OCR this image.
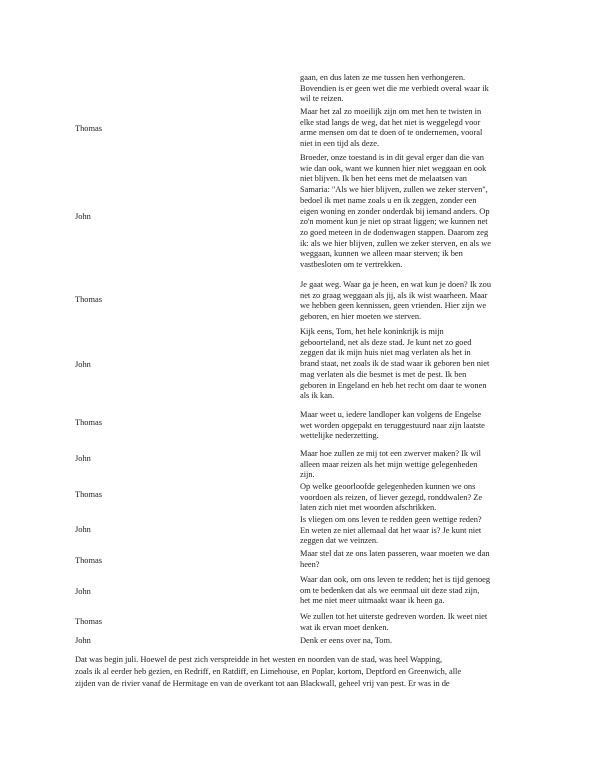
gaan, en dus laten ze me tussen hen verhongeren.
Bovendien is er geen wet die me verbiedt overal waar ik
wil te reizen.
Thomas
Maar het zal zo moeilijk zijn om met hen te twisten in
elke stad langs de weg, dat het niet is weggelegd voor
arme mensen om dat te doen of te ondernemen, vooral
niet in een tijd als deze.
John
Broeder, onze toestand is in dit geval erger dan die van
wie dan ook, want we kunnen hier niet weggaan en ook
niet blijven. Ik ben het eens met de melaatsen van
Samaria: "Als we hier blijven, zullen we zeker sterven",
bedoel ik met name zoals u en ik zeggen, zonder een
eigen woning en zonder onderdak bij iemand anders. Op
zo'n moment kun je niet op straat liggen; we kunnen net
zo goed meteen in de dodenwagen stappen. Daarom zeg
ik: als we hier blijven, zullen we zeker sterven, en als we
weggaan, kunnen we alleen maar sterven; ik ben
vastbesloten om te vertrekken.
Thomas
Je gaat weg. Waar ga je heen, en wat kun je doen? Ik zou
net zo graag weggaan als jij, als ik wist waarheen. Maar
we hebben geen kennissen, geen vrienden. Hier zijn we
geboren, en hier moeten we sterven.
John
Kijk eens, Tom, het hele koninkrijk is mijn
geboorteland, net als deze stad. Je kunt net zo goed
zeggen dat ik mijn huis niet mag verlaten als het in
brand staat, net zoals ik de stad waar ik geboren ben niet
mag verlaten als die besmet is met de pest. Ik ben
geboren in Engeland en heb het recht om daar te wonen
als ik kan.
Thomas
Maar weet u, iedere landloper kan volgens de Engelse
wet worden opgepakt en teruggestuurd naar zijn laatste
wettelijke nederzetting.
John
Maar hoe zullen ze mij tot een zwerver maken? Ik wil
alleen maar reizen als het mijn wettige gelegenheden
zijn.
Thomas
Op welke geoorloofde gelegenheden kunnen we ons
voordoen als reizen, of liever gezegd, ronddwalen? Ze
laten zich niet met woorden afschrikken.
John
Is vliegen om ons leven te redden geen wettige reden?
En weten ze niet allemaal dat het waar is? Je kunt niet
zeggen dat we veinzen.
Thomas
Maar stel dat ze ons laten passeren, waar moeten we dan
heen?
John
Waar dan ook, om ons leven te redden; het is tijd genoeg
om te bedenken dat als we eenmaal uit deze stad zijn,
het me niet meer uitmaakt waar ik heen ga.
Thomas
We zullen tot het uiterste gedreven worden. Ik weet niet
wat ik ervan moet denken.
John	Denk er eens over na, Tom.
Dat was begin juli. Hoewel de pest zich verspreidde in het westen en noorden van de stad, was heel Wapping,
zoals ik al eerder heb gezien, en Redriff, en Ratdiff, en Limehouse, en Poplar, kortom, Deptford en Greenwich, alle
zijden van de rivier vanaf de Hermitage en van de overkant tot aan Blackwall, geheel vrij van pest. Er was in de
